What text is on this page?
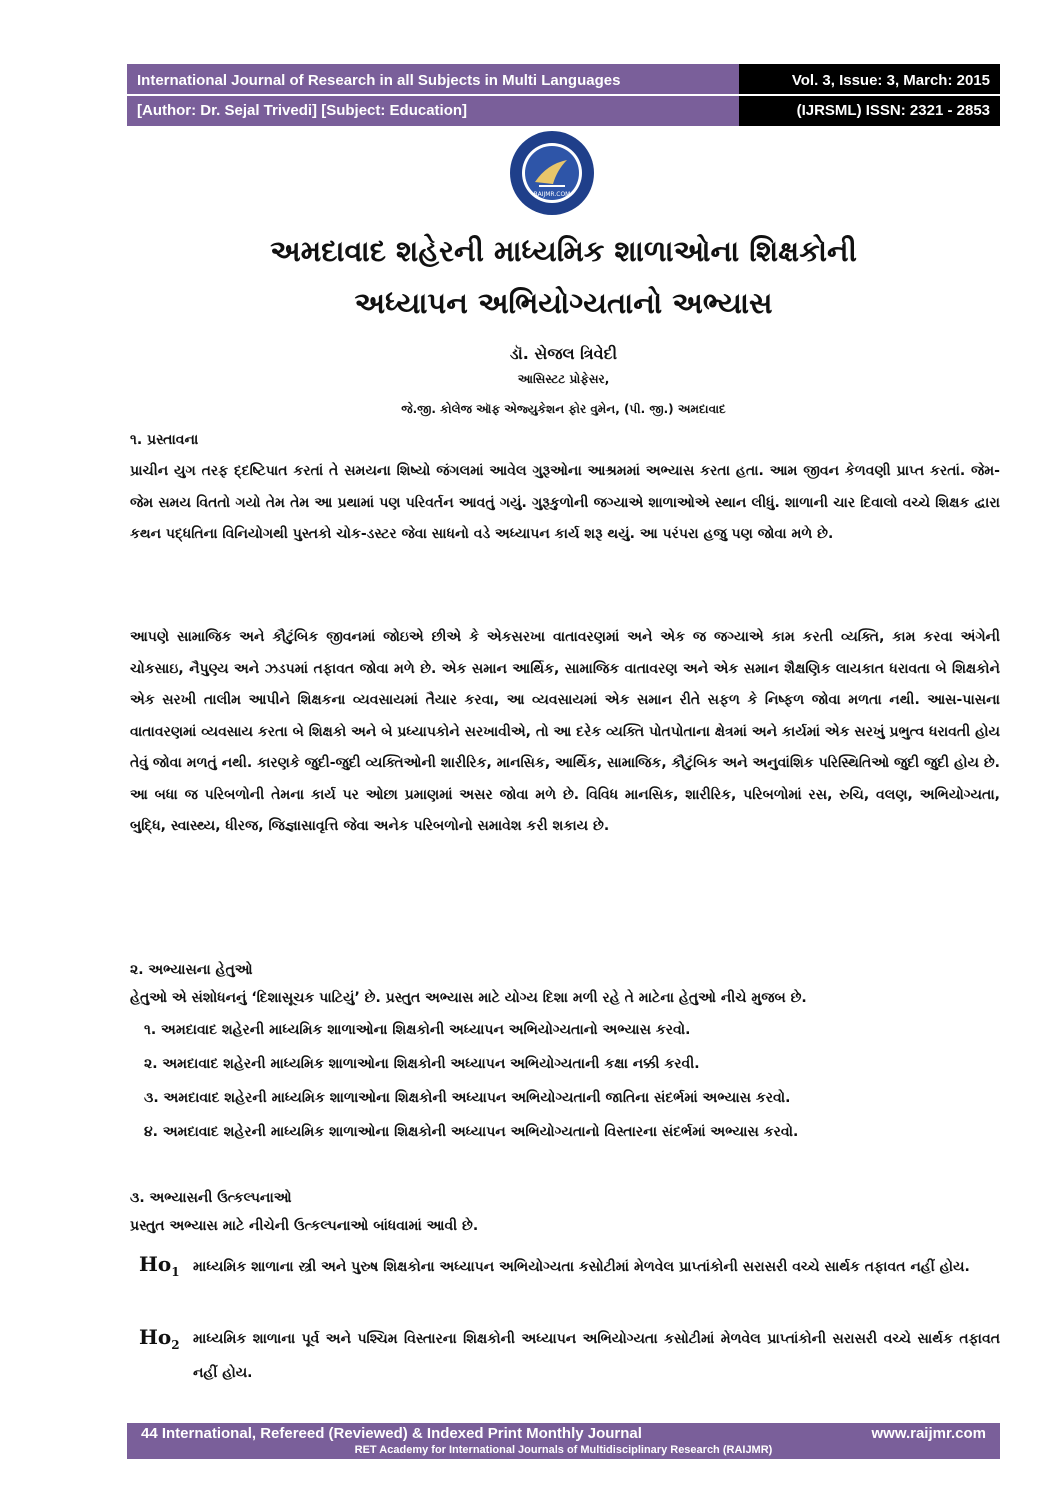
International Journal of Research in all Subjects in Multi Languages
[Author: Dr. Sejal Trivedi] [Subject: Education]
Vol. 3, Issue: 3, March: 2015
(IJRSML) ISSN: 2321 - 2853
RAIJMR.COM
અમદાવાદ શહેરની માધ્યમિક શાળાઓના શિક્ષકોની
અધ્યાપન અભિયોગ્યતાનો અભ્યાસ
ડૉ. સેજલ ત્રિવેદી
આસિસ્ટટ પ્રોફેસર,
જે.જી. કોલેજ ઑફ એજ્યુકેશન ફોર વુમેન, (પી. જી.) અમદાવાદ
૧. પ્રસ્તાવના
પ્રાચીન યુગ તરફ દ્દષ્ટિપાત કરતાં તે સમયના શિષ્યો જંગલમાં આવેલ ગુરૂઓના આશ્રમમાં અભ્યાસ કરતા હતા. આમ જીવન કેળવણી પ્રાપ્ત કરતાં. જેમ-જેમ સમય વિતતો ગયો તેમ તેમ આ પ્રથામાં પણ પરિવર્તન આવતું ગયું. ગુરૂકુળોની જગ્યાએ શાળાઓએ સ્થાન લીધું. શાળાની ચાર દિવાલો વચ્ચે શિક્ષક દ્વારા કથન પદ્ધતિના વિનિયોગથી પુસ્તકો ચોક-ડસ્ટર જેવા સાધનો વડે અધ્યાપન કાર્ય શરૂ થયું. આ પરંપરા હજુ પણ જોવા મળે છે.
આપણે સામાજિક અને કૌટુંબિક જીવનમાં જોઇએ છીએ કે એકસરખા વાતાવરણમાં અને એક જ જગ્યાએ કામ કરતી વ્યક્તિ, કામ કરવા અંગેની ચોકસાઇ, નૈપુણ્ય અને ઝડપમાં તફાવત જોવા મળે છે. એક સમાન આર્થિક, સામાજિક વાતાવરણ અને એક સમાન શૈક્ષણિક લાયકાત ધરાવતા બે શિક્ષકોને એક સરખી તાલીમ આપીને શિક્ષકના વ્યવસાયમાં તૈયાર કરવા, આ વ્યવસાયમાં એક સમાન રીતે સફળ કે નિષ્ફળ જોવા મળતા નથી. આસ-પાસના વાતાવરણમાં વ્યવસાય કરતા બે શિક્ષકો અને બે પ્રધ્યાપકોને સરખાવીએ, તો આ દરેક વ્યક્તિ પોતપોતાના ક્ષેત્રમાં અને કાર્યમાં એક સરખું પ્રભુત્વ ધરાવતી હોય તેવું જોવા મળતું નથી. કારણકે જુદી-જુદી વ્યક્તિઓની શારીરિક, માનસિક, આર્થિક, સામાજિક, કૌટુંબિક અને અનુવાંશિક પરિસ્થિતિઓ જુદી જુદી હોય છે. આ બધા જ પરિબળોની તેમના કાર્ય પર ઓછા પ્રમાણમાં અસર જોવા મળે છે. વિવિધ માનસિક, શારીરિક, પરિબળોમાં રસ, રુચિ, વલણ, અભિયોગ્યતા, બુદ્ધિ, સ્વાસ્થ્ય, ધીરજ, જિજ્ઞાસાવૃત્તિ જેવા અનેક પરિબળોનો સમાવેશ કરી શકાય છે.
૨. અભ્યાસના હેતુઓ
હેતુઓ એ સંશોધનનું ‘દિશાસૂચક પાટિયું’ છે. પ્રસ્તુત અભ્યાસ માટે યોગ્ય દિશા મળી રહે તે માટેના હેતુઓ નીચે મુજબ છે.
૧. અમદાવાદ શહેરની માધ્યમિક શાળાઓના શિક્ષકોની અધ્યાપન અભિયોગ્યતાનો અભ્યાસ કરવો.
૨. અમદાવાદ શહેરની માધ્યમિક શાળાઓના શિક્ષકોની અધ્યાપન અભિયોગ્યતાની કક્ષા નક્કી કરવી.
૩. અમદાવાદ શહેરની માધ્યમિક શાળાઓના શિક્ષકોની અધ્યાપન અભિયોગ્યતાની જાતિના સંદર્ભમાં અભ્યાસ કરવો.
૪. અમદાવાદ શહેરની માધ્યમિક શાળાઓના શિક્ષકોની અધ્યાપન અભિયોગ્યતાનો વિસ્તારના સંદર્ભમાં અભ્યાસ કરવો.
૩. અભ્યાસની ઉત્કલ્પનાઓ
પ્રસ્તુત અભ્યાસ માટે નીચેની ઉત્કલ્પનાઓ બાંધવામાં આવી છે.
$Ho_1$ માધ્યમિક શાળાના સ્ત્રી અને પુરુષ શિક્ષકોના અધ્યાપન અભિયોગ્યતા કસોટીમાં મેળવેલ પ્રાપ્તાંકોની સરાસરી વચ્ચે સાર્થક તફાવત નહીં હોય.
$Ho_2$ માધ્યમિક શાળાના પૂર્વ અને પશ્ચિમ વિસ્તારના શિક્ષકોની અધ્યાપન અભિયોગ્યતા કસોટીમાં મેળવેલ પ્રાપ્તાંકોની સરાસરી વચ્ચે સાર્થક તફાવત નહીં હોય.
44 International, Refereed (Reviewed) & Indexed Print Monthly Journal	www.raijmr.com
RET Academy for International Journals of Multidisciplinary Research (RAIJMR)
